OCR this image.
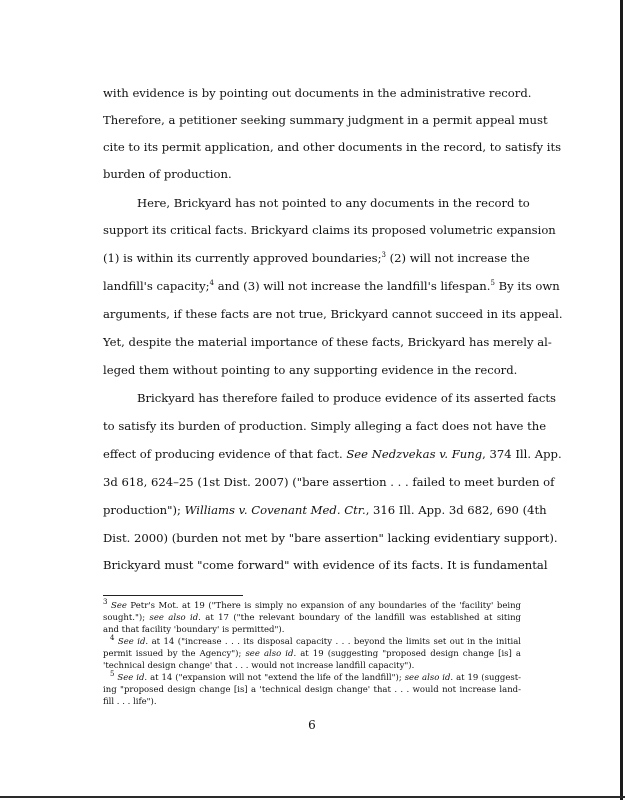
with evidence is by pointing out documents in the administrative record.

Therefore, a petitioner seeking summary judgment in a permit appeal must

cite to its permit application, and other documents in the record, to satisfy its

burden of production.

Here, Brickyard has not pointed to any documents in the record to

support its critical facts. Brickyard claims its proposed volumetric expansion

(1) is within its currently approved boundaries;$^3$ (2) will not increase the

landfill's capacity;$^4$ and (3) will not increase the landfill's lifespan.$^5$ By its own

arguments, if these facts are not true, Brickyard cannot succeed in its appeal.

Yet, despite the material importance of these facts, Brickyard has merely al-

leged them without pointing to any supporting evidence in the record.

Brickyard has therefore failed to produce evidence of its asserted facts

to satisfy its burden of production. Simply alleging a fact does not have the

effect of producing evidence of that fact. See Nedzvekas v. Fung, 374 Ill. App.

3d 618, 624–25 (1st Dist. 2007) ("bare assertion . . . failed to meet burden of

production"); Williams v. Covenant Med. Ctr., 316 Ill. App. 3d 682, 690 (4th

Dist. 2000) (burden not met by "bare assertion" lacking evidentiary support).

Brickyard must "come forward" with evidence of its facts. It is fundamental

$^3$ See Petr's Mot. at 19 ("There is simply no expansion of any boundaries of the 'facility' being

sought."); see also id. at 17 ("the relevant boundary of the landfill was established at siting

and that facility 'boundary' is permitted").

$^4$ See id. at 14 ("increase . . . its disposal capacity . . . beyond the limits set out in the initial

permit issued by the Agency"); see also id. at 19 (suggesting "proposed design change [is] a

'technical design change' that . . . would not increase landfill capacity").

$^5$ See id. at 14 ("expansion will not "extend the life of the landfill"); see also id. at 19 (suggest-

ing "proposed design change [is] a 'technical design change' that . . . would not increase land-

fill . . . life").

6
